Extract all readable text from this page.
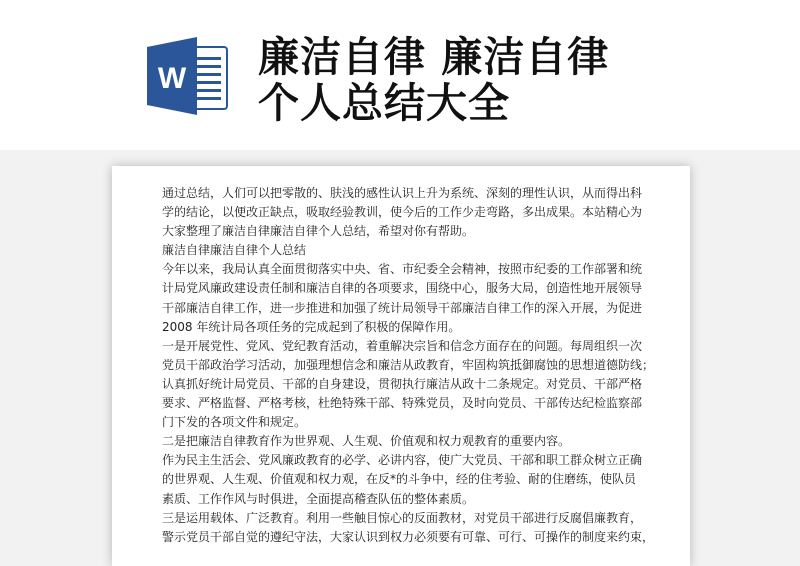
W 廉洁自律 廉洁自律
个人总结大全
通过总结，人们可以把零散的、肤浅的感性认识上升为系统、深刻的理性认识，从而得出科
学的结论，以便改正缺点，吸取经验教训，使今后的工作少走弯路，多出成果。本站精心为
大家整理了廉洁自律廉洁自律个人总结，希望对你有帮助。
廉洁自律廉洁自律个人总结
今年以来，我局认真全面贯彻落实中央、省、市纪委全会精神，按照市纪委的工作部署和统
计局党风廉政建设责任制和廉洁自律的各项要求，围绕中心，服务大局，创造性地开展领导
干部廉洁自律工作，进一步推进和加强了统计局领导干部廉洁自律工作的深入开展，为促进
2008 年统计局各项任务的完成起到了积极的保障作用。
一是开展党性、党风、党纪教育活动，着重解决宗旨和信念方面存在的问题。每周组织一次
党员干部政治学习活动，加强理想信念和廉洁从政教育，牢固构筑抵御腐蚀的思想道德防线；
认真抓好统计局党员、干部的自身建设，贯彻执行廉洁从政十二条规定。对党员、干部严格
要求、严格监督、严格考核，杜绝特殊干部、特殊党员，及时向党员、干部传达纪检监察部
门下发的各项文件和规定。
二是把廉洁自律教育作为世界观、人生观、价值观和权力观教育的重要内容。
作为民主生活会、党风廉政教育的必学、必讲内容，使广大党员、干部和职工群众树立正确
的世界观、人生观、价值观和权力观，在反*的斗争中，经的住考验、耐的住磨练，使队员
素质、工作作风与时俱进，全面提高稽查队伍的整体素质。
三是运用载体、广泛教育。利用一些触目惊心的反面教材，对党员干部进行反腐倡廉教育，
警示党员干部自觉的遵纪守法，大家认识到权力必须要有可靠、可行、可操作的制度来约束，
